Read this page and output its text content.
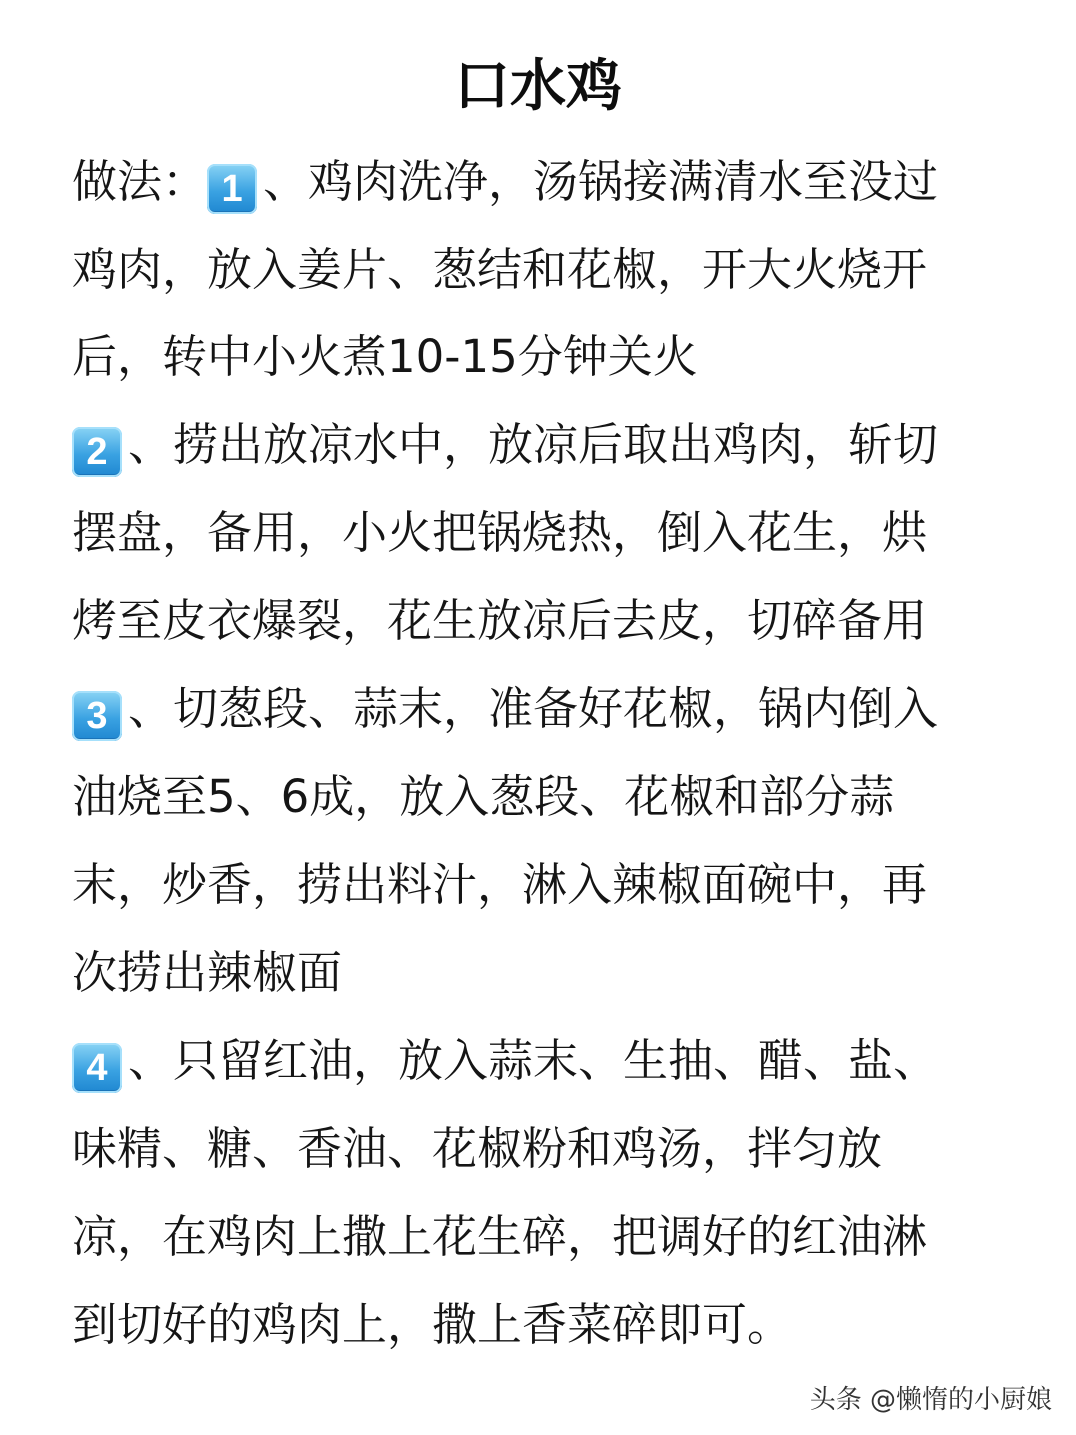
口水鸡
做法： 1 、鸡肉洗净，汤锅接满清水至没过
鸡肉，放入姜片、葱结和花椒，开大火烧开
后，转中小火煮10-15分钟关火
2 、捞出放凉水中，放凉后取出鸡肉，斩切
摆盘，备用，小火把锅烧热，倒入花生，烘
烤至皮衣爆裂，花生放凉后去皮，切碎备用
3 、切葱段、蒜末，准备好花椒，锅内倒入
油烧至5、6成，放入葱段、花椒和部分蒜
末，炒香，捞出料汁，淋入辣椒面碗中，再
次捞出辣椒面
4 、只留红油，放入蒜末、生抽、醋、盐、
味精、糖、香油、花椒粉和鸡汤，拌匀放
凉，在鸡肉上撒上花生碎，把调好的红油淋
到切好的鸡肉上，撒上香菜碎即可。
头条 @懒惰的小厨娘
